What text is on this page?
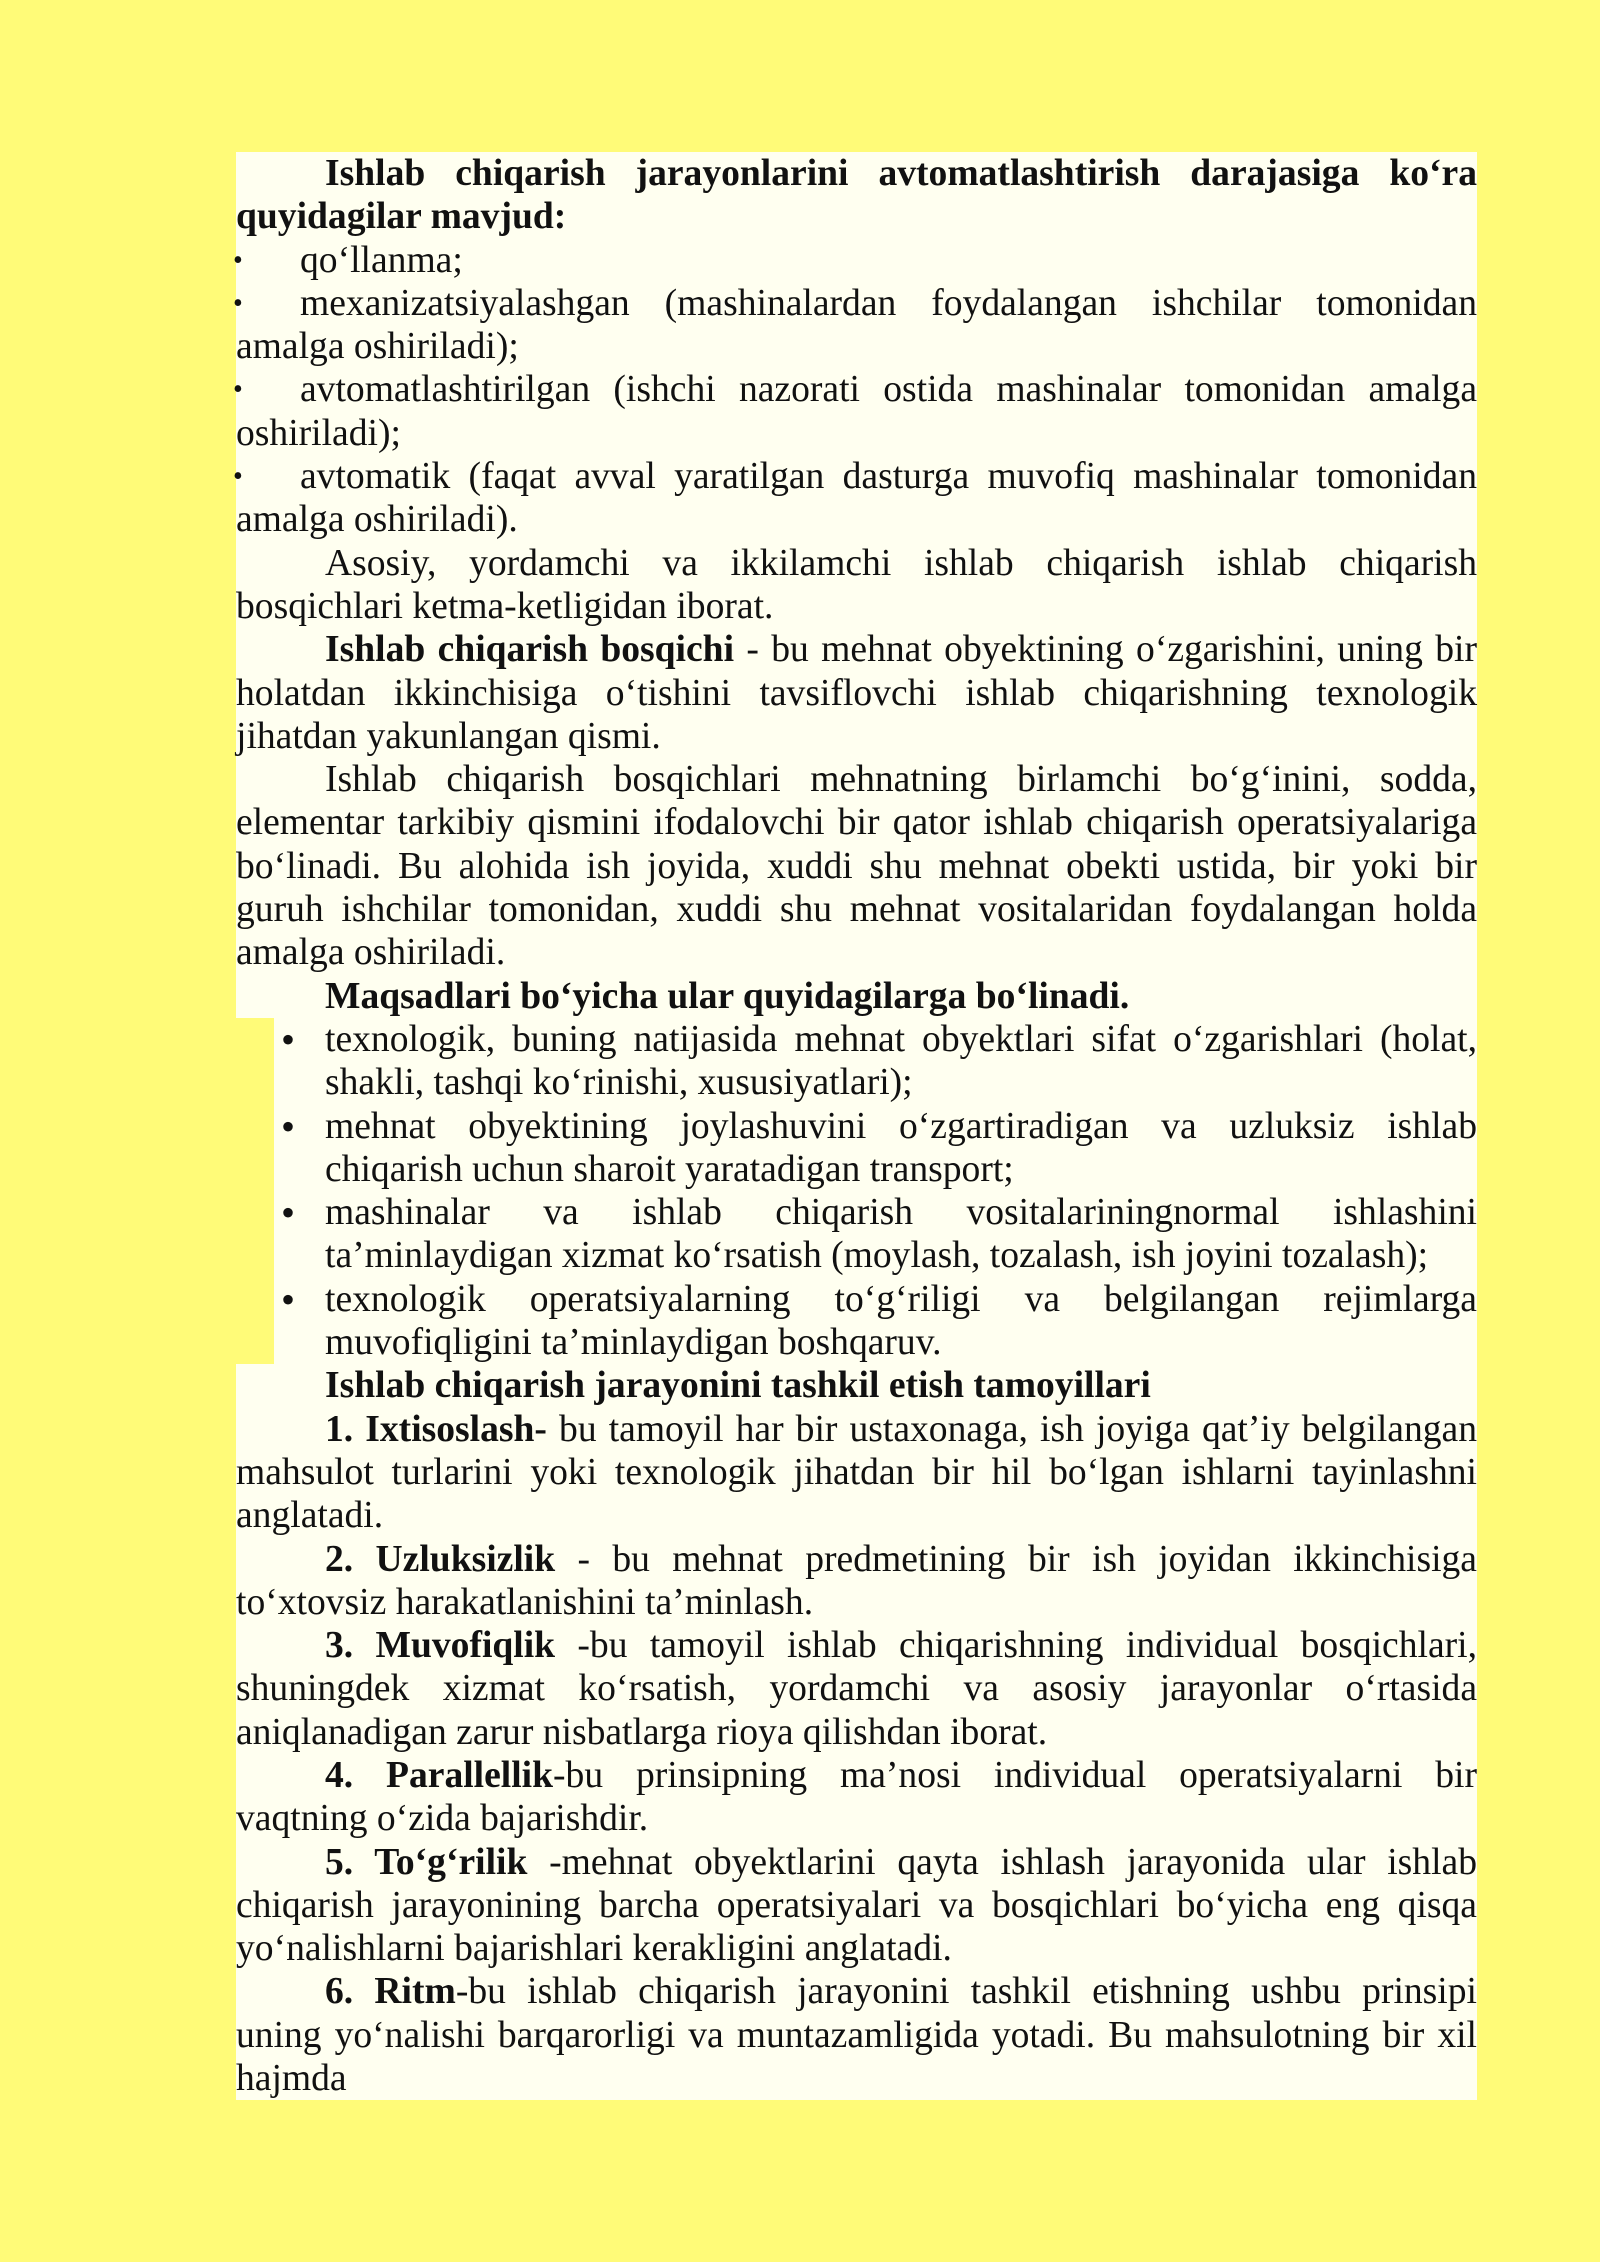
Ishlab chiqarish jarayonlarini avtomatlashtirish darajasiga ko‘ra quyidagilar mavjud:

• qo‘llanma;
• mexanizatsiyalashgan (mashinalardan foydalangan ishchilar tomonidan amalga oshiriladi);
• avtomatlashtirilgan (ishchi nazorati ostida mashinalar tomonidan amalga oshiriladi);
• avtomatik (faqat avval yaratilgan dasturga muvofiq mashinalar tomonidan amalga oshiriladi).

Asosiy, yordamchi va ikkilamchi ishlab chiqarish ishlab chiqarish bosqichlari ketma-ketligidan iborat.

Ishlab chiqarish bosqichi - bu mehnat obyektining o‘zgarishini, uning bir holatdan ikkinchisiga o‘tishini tavsiflovchi ishlab chiqarishning texnologik jihatdan yakunlangan qismi.

Ishlab chiqarish bosqichlari mehnatning birlamchi bo‘g‘inini, sodda, elementar tarkibiy qismini ifodalovchi bir qator ishlab chiqarish operatsiyalariga bo‘linadi. Bu alohida ish joyida, xuddi shu mehnat obekti ustida, bir yoki bir guruh ishchilar tomonidan, xuddi shu mehnat vositalaridan foydalangan holda amalga oshiriladi.

Maqsadlari bo‘yicha ular quyidagilarga bo‘linadi.

• texnologik, buning natijasida mehnat obyektlari sifat o‘zgarishlari (holat, shakli, tashqi ko‘rinishi, xususiyatlari);
• mehnat obyektining joylashuvini o‘zgartiradigan va uzluksiz ishlab chiqarish uchun sharoit yaratadigan transport;
• mashinalar va ishlab chiqarish vositalariningnormal ishlashini ta’minlaydigan xizmat ko‘rsatish (moylash, tozalash, ish joyini tozalash);
• texnologik operatsiyalarning to‘g‘riligi va belgilangan rejimlarga muvofiqligini ta’minlaydigan boshqaruv.

Ishlab chiqarish jarayonini tashkil etish tamoyillari

1. Ixtisoslash- bu tamoyil har bir ustaxonaga, ish joyiga qat’iy belgilangan mahsulot turlarini yoki texnologik jihatdan bir hil bo‘lgan ishlarni tayinlashni anglatadi.

2. Uzluksizlik - bu mehnat predmetining bir ish joyidan ikkinchisiga to‘xtovsiz harakatlanishini ta’minlash.

3. Muvofiqlik -bu tamoyil ishlab chiqarishning individual bosqichlari, shuningdek xizmat ko‘rsatish, yordamchi va asosiy jarayonlar o‘rtasida aniqlanadigan zarur nisbatlarga rioya qilishdan iborat.

4. Parallellik-bu prinsipning ma’nosi individual operatsiyalarni bir vaqtning o‘zida bajarishdir.

5. To‘g‘rilik -mehnat obyektlarini qayta ishlash jarayonida ular ishlab chiqarish jarayonining barcha operatsiyalari va bosqichlari bo‘yicha eng qisqa yo‘nalishlarni bajarishlari kerakligini anglatadi.

6. Ritm-bu ishlab chiqarish jarayonini tashkil etishning ushbu prinsipi uning yo‘nalishi barqarorligi va muntazamligida yotadi. Bu mahsulotning bir xil hajmda
